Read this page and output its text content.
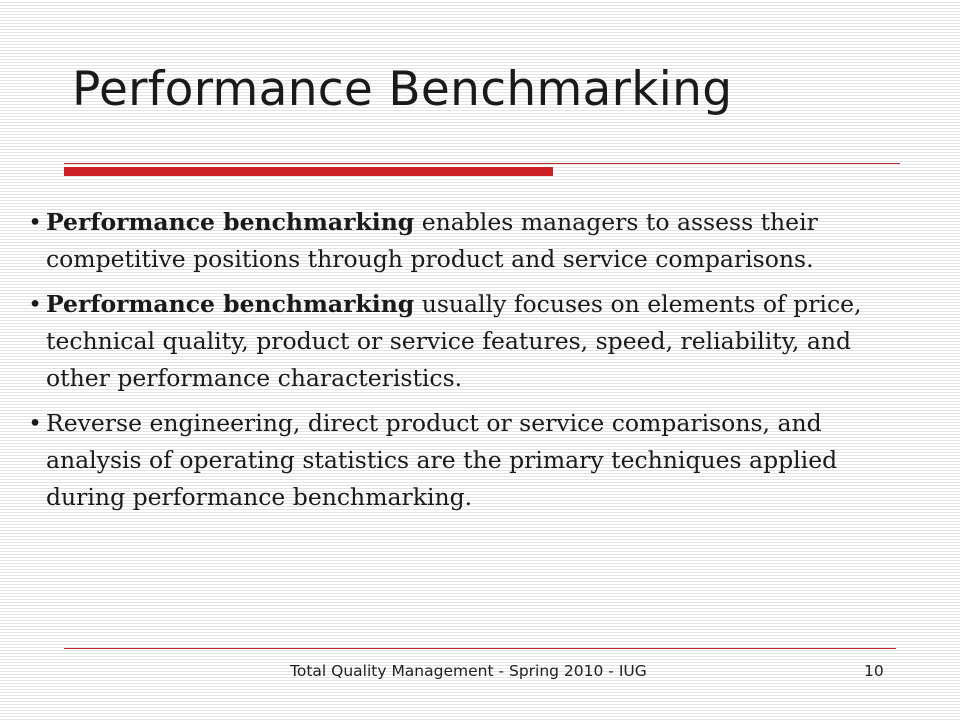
Performance Benchmarking
• Performance benchmarking enables managers to assess their competitive positions through product and service comparisons.
• Performance benchmarking usually focuses on elements of price, technical quality, product or service features, speed, reliability, and other performance characteristics.
• Reverse engineering, direct product or service comparisons, and analysis of operating statistics are the primary techniques applied during performance benchmarking.
Total Quality Management - Spring 2010 - IUG	10
